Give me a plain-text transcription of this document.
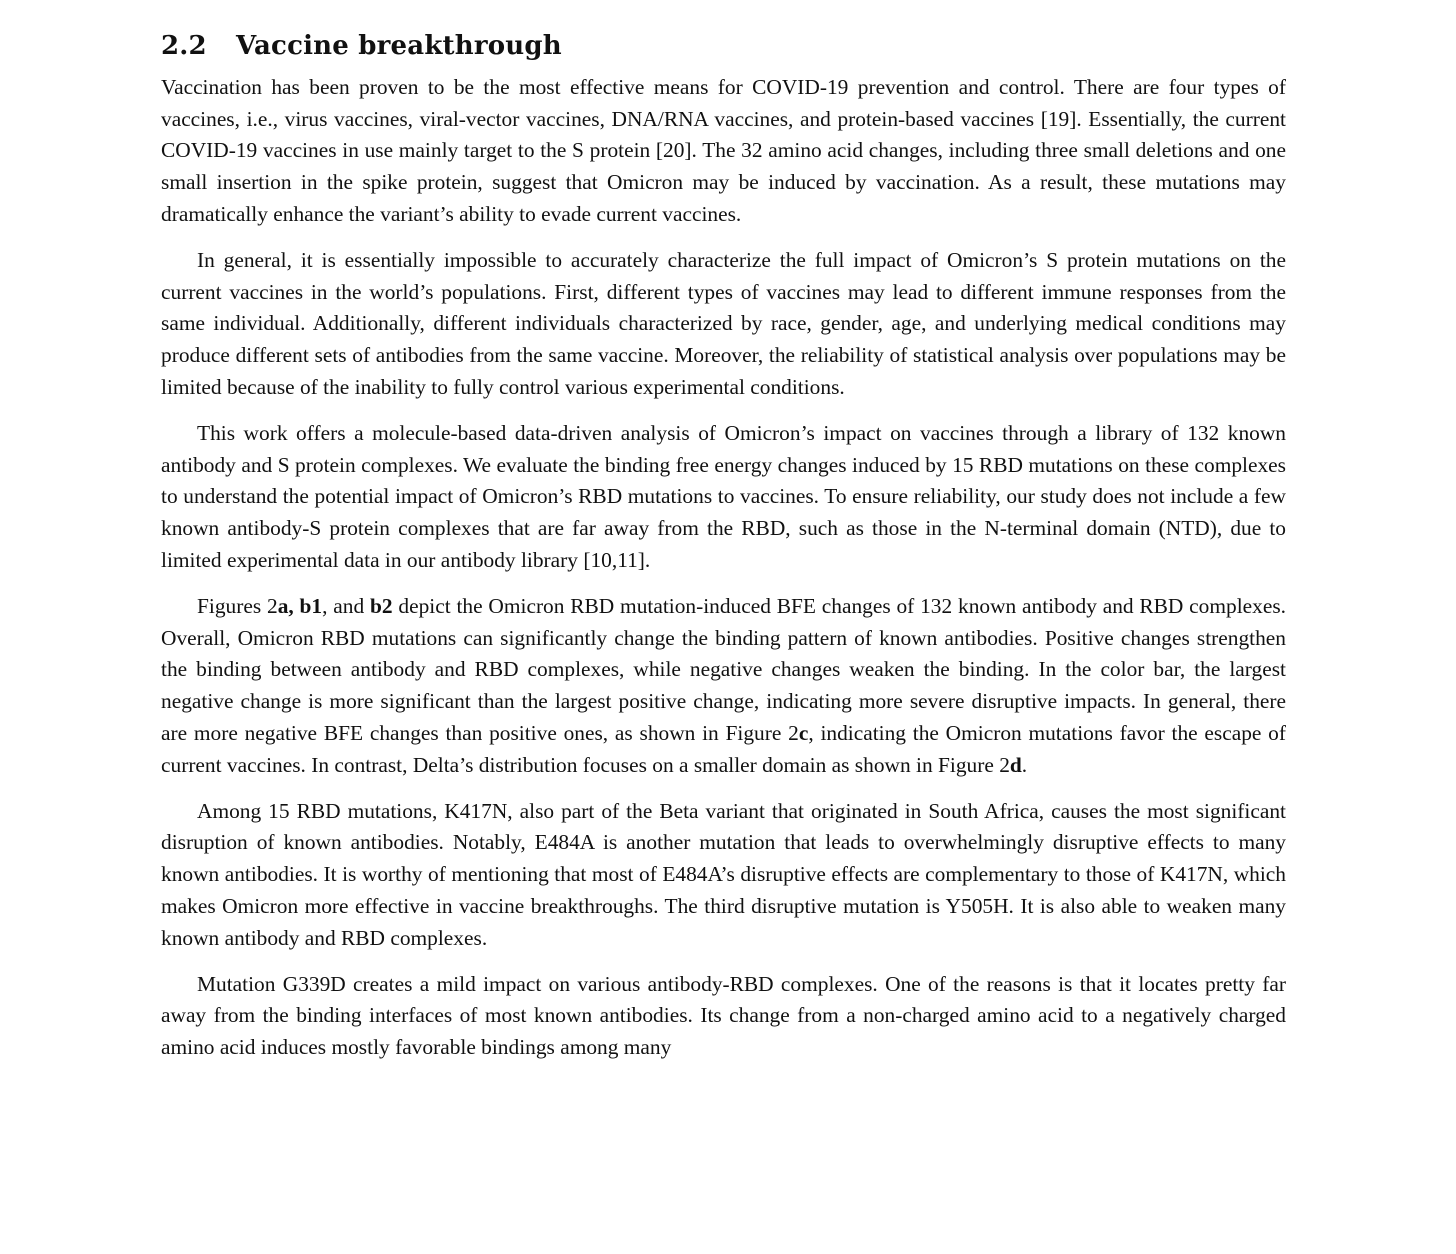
2.2 Vaccine breakthrough

Vaccination has been proven to be the most effective means for COVID-19 prevention and control. There are four types of vaccines, i.e., virus vaccines, viral-vector vaccines, DNA/RNA vaccines, and protein-based vaccines [19]. Essentially, the current COVID-19 vaccines in use mainly target to the S protein [20]. The 32 amino acid changes, including three small deletions and one small insertion in the spike protein, suggest that Omicron may be induced by vaccination. As a result, these mutations may dramatically enhance the variant’s ability to evade current vaccines.

In general, it is essentially impossible to accurately characterize the full impact of Omicron’s S protein mutations on the current vaccines in the world’s populations. First, different types of vaccines may lead to different immune responses from the same individual. Additionally, different individuals characterized by race, gender, age, and underlying medical conditions may produce different sets of antibodies from the same vaccine. Moreover, the reliability of statistical analysis over populations may be limited because of the inability to fully control various experimental conditions.

This work offers a molecule-based data-driven analysis of Omicron’s impact on vaccines through a library of 132 known antibody and S protein complexes. We evaluate the binding free energy changes induced by 15 RBD mutations on these complexes to understand the potential impact of Omicron’s RBD mutations to vaccines. To ensure reliability, our study does not include a few known antibody-S protein complexes that are far away from the RBD, such as those in the N-terminal domain (NTD), due to limited experimental data in our antibody library [10,11].

Figures 2a, b1, and b2 depict the Omicron RBD mutation-induced BFE changes of 132 known antibody and RBD complexes. Overall, Omicron RBD mutations can significantly change the binding pattern of known antibodies. Positive changes strengthen the binding between antibody and RBD complexes, while negative changes weaken the binding. In the color bar, the largest negative change is more significant than the largest positive change, indicating more severe disruptive impacts. In general, there are more negative BFE changes than positive ones, as shown in Figure 2c, indicating the Omicron mutations favor the escape of current vaccines. In contrast, Delta’s distribution focuses on a smaller domain as shown in Figure 2d.

Among 15 RBD mutations, K417N, also part of the Beta variant that originated in South Africa, causes the most significant disruption of known antibodies. Notably, E484A is another mutation that leads to overwhelmingly disruptive effects to many known antibodies. It is worthy of mentioning that most of E484A’s disruptive effects are complementary to those of K417N, which makes Omicron more effective in vaccine breakthroughs. The third disruptive mutation is Y505H. It is also able to weaken many known antibody and RBD complexes.

Mutation G339D creates a mild impact on various antibody-RBD complexes. One of the reasons is that it locates pretty far away from the binding interfaces of most known antibodies. Its change from a non-charged amino acid to a negatively charged amino acid induces mostly favorable bindings among many
